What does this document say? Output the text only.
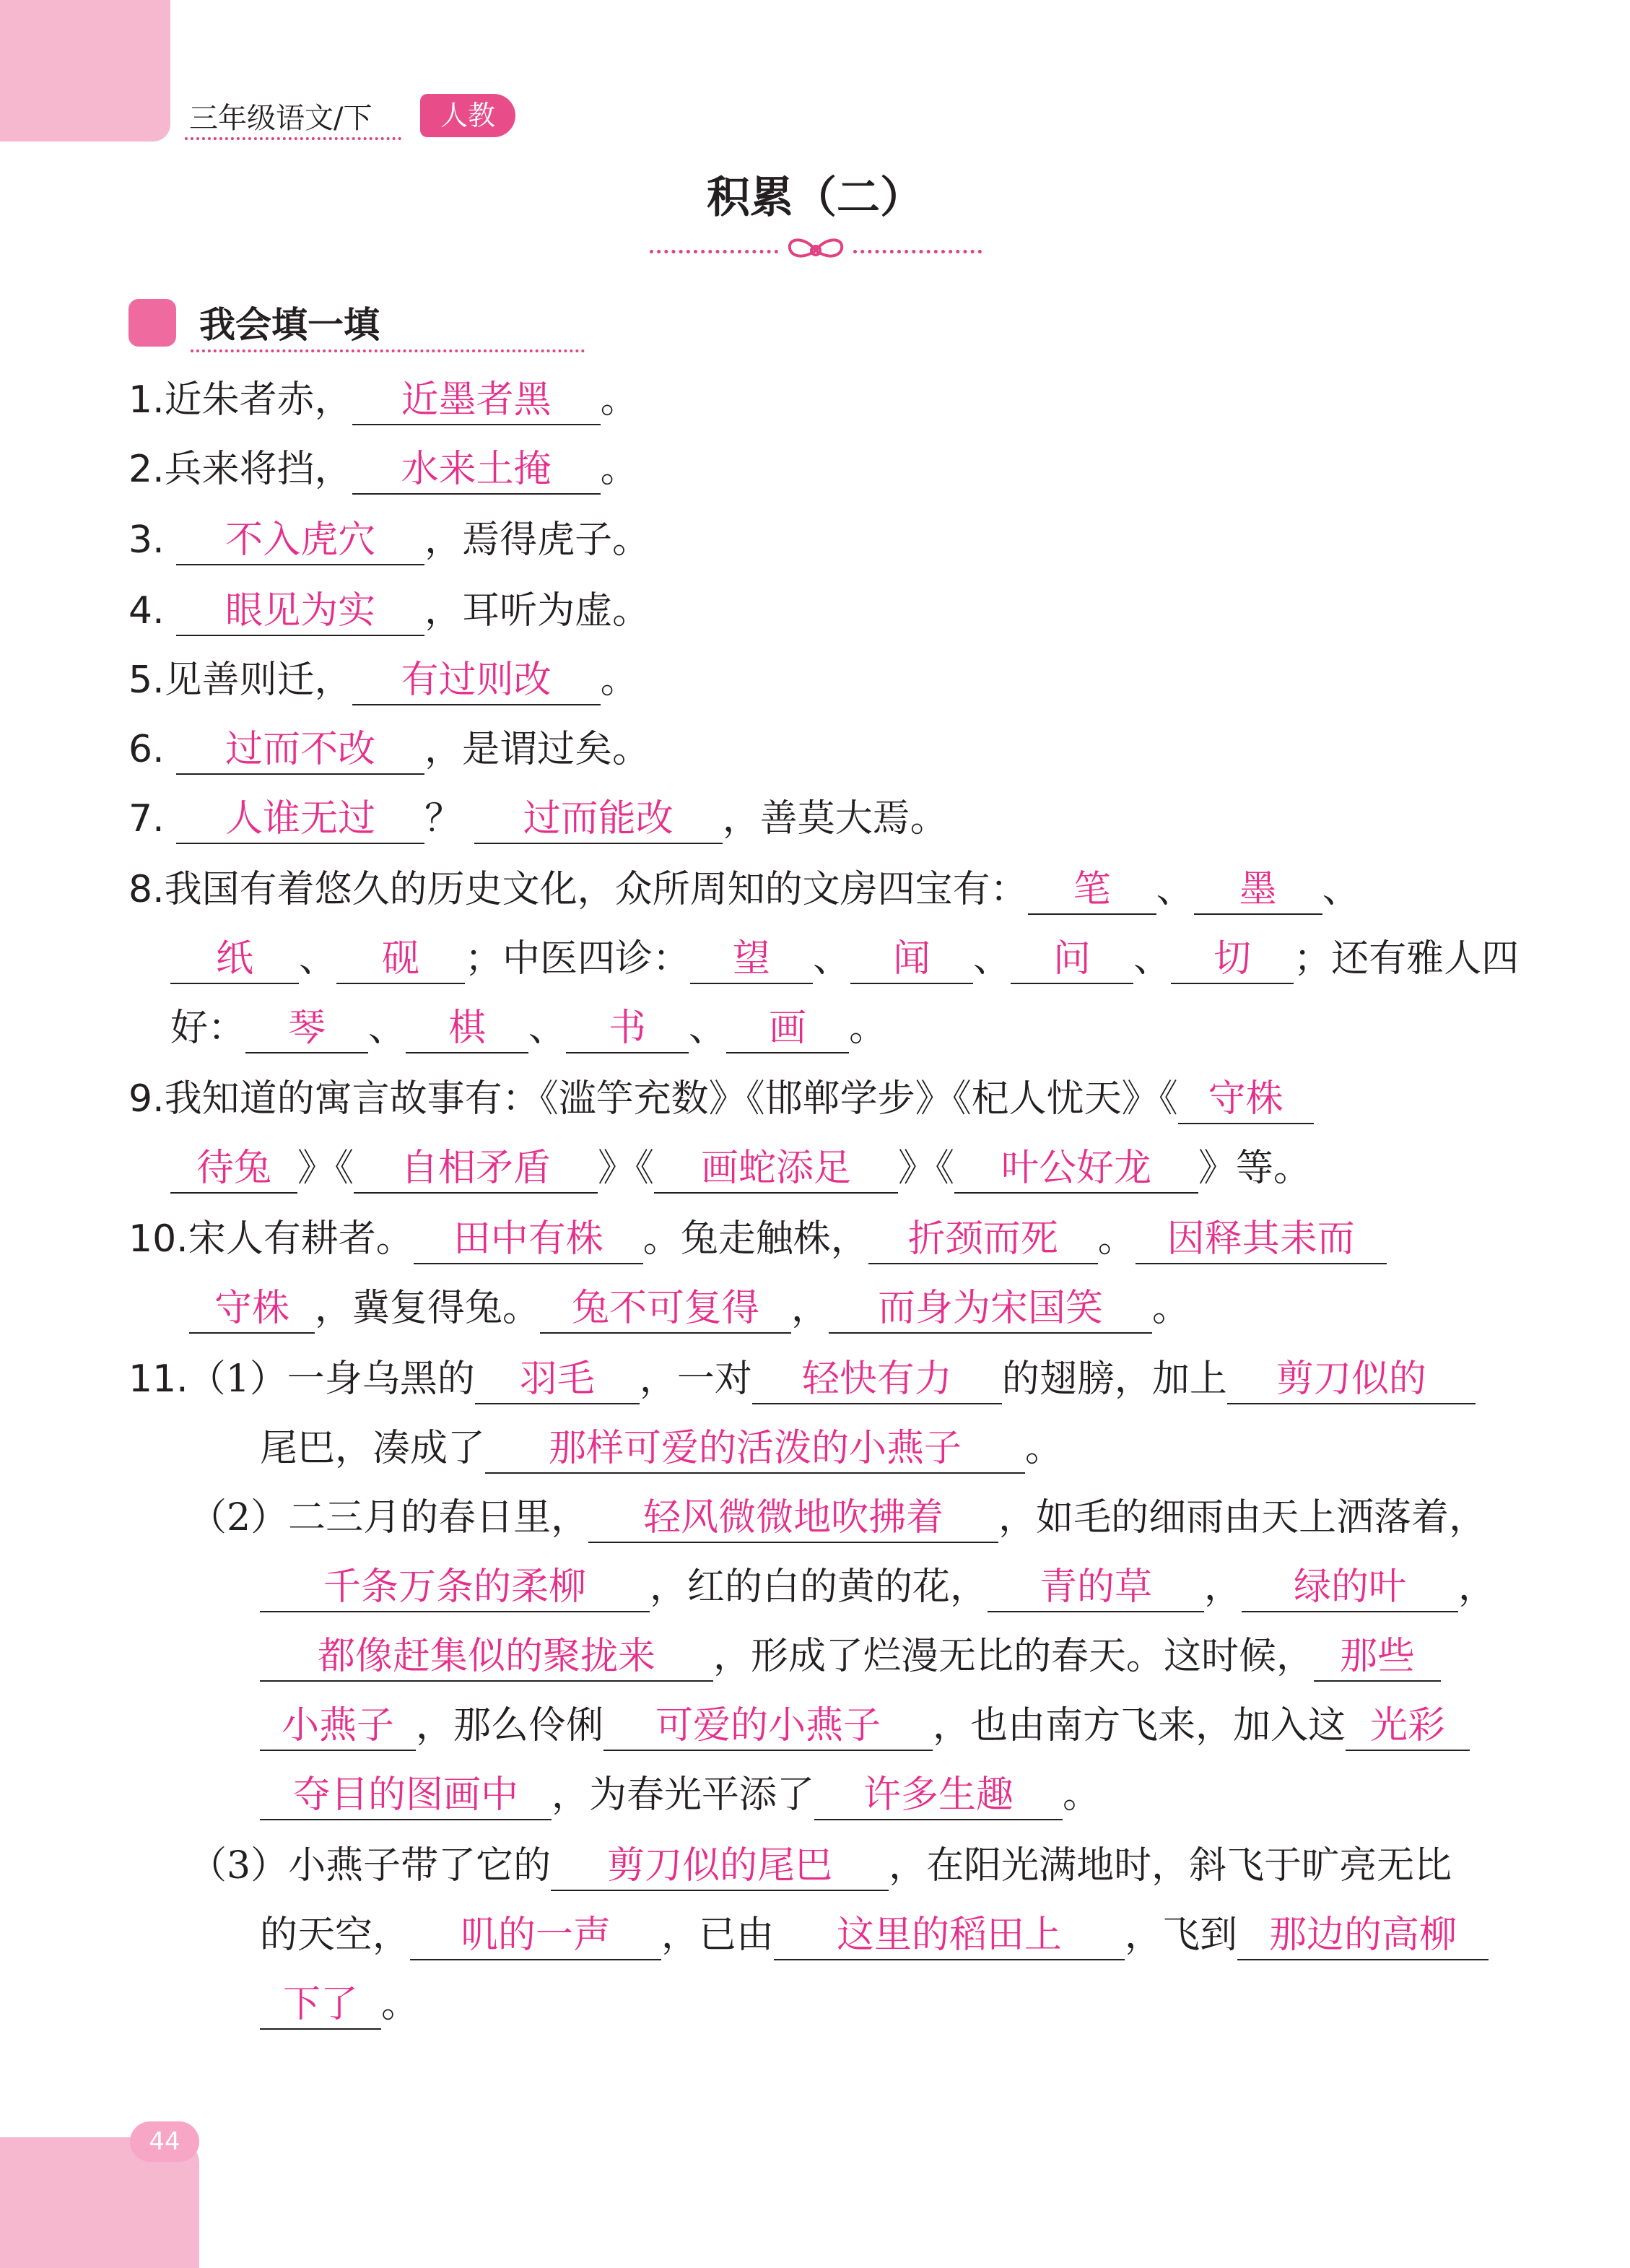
三年级语文/下	人教
积累（二）
我会填一填
1.近朱者赤， 近墨者黑 。
2.兵来将挡， 水来土掩 。
3. 不入虎穴 ，焉得虎子。
4. 眼见为实 ，耳听为虚。
5.见善则迁， 有过则改 。
6. 过而不改 ，是谓过矣。
7. 人谁无过 ？ 过而能改 ，善莫大焉。
8.我国有着悠久的历史文化，众所周知的文房四宝有： 笔 、 墨 、
纸 、 砚 ；中医四诊： 望 、 闻 、 问 、 切 ；还有雅人四
好： 琴 、 棋 、 书 、 画 。
9.我知道的寓言故事有：《滥竽充数》《邯郸学步》《杞人忧天》《 守株
待兔 》《 自相矛盾 》《 画蛇添足 》《 叶公好龙 》等。
10.宋人有耕者。 田中有株 。兔走触株， 折颈而死 。 因释其耒而
守株 ，冀复得兔。 兔不可复得 ， 而身为宋国笑 。
11.（1）一身乌黑的 羽毛 ，一对 轻快有力 的翅膀，加上 剪刀似的
尾巴，凑成了 那样可爱的活泼的小燕子 。
（2）二三月的春日里， 轻风微微地吹拂着 ，如毛的细雨由天上洒落着，
千条万条的柔柳 ，红的白的黄的花， 青的草 ， 绿的叶 ，
都像赶集似的聚拢来 ，形成了烂漫无比的春天。这时候， 那些
小燕子 ，那么伶俐 可爱的小燕子 ，也由南方飞来，加入这 光彩
夺目的图画中 ，为春光平添了 许多生趣 。
（3）小燕子带了它的 剪刀似的尾巴 ，在阳光满地时，斜飞于旷亮无比
的天空， 叽的一声 ，已由 这里的稻田上 ，飞到 那边的高柳
下了 。
44
